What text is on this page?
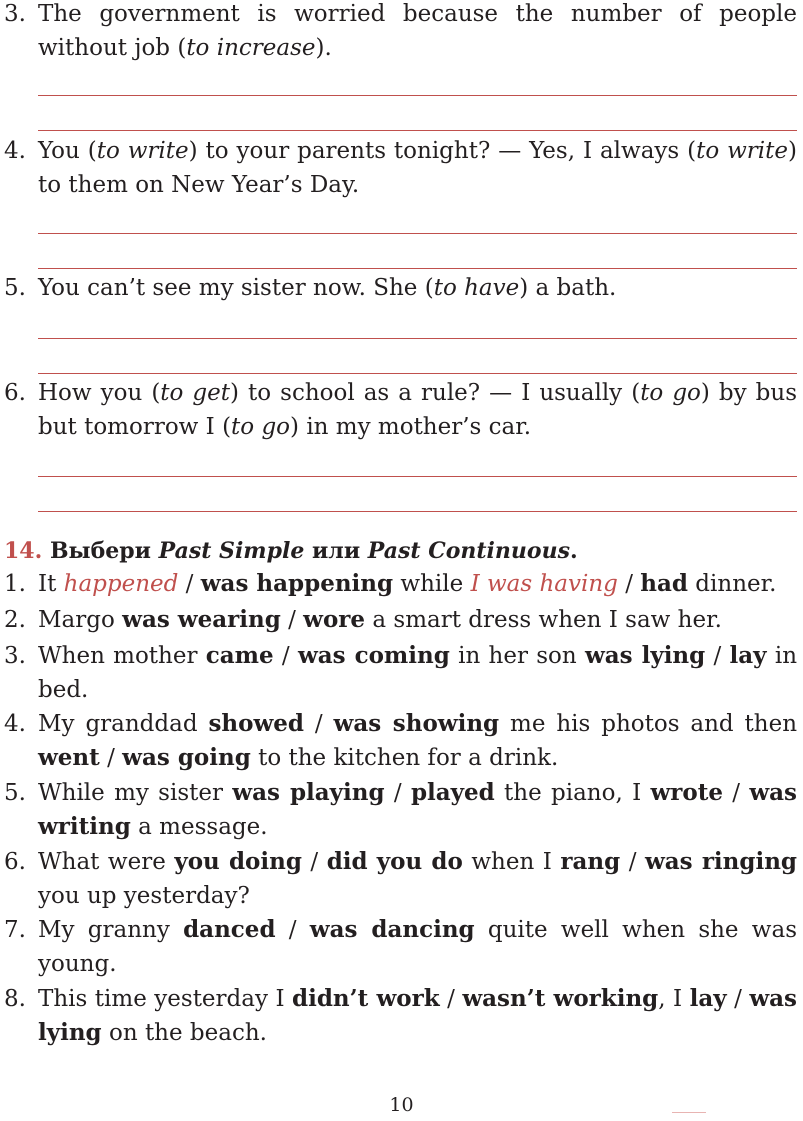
3. The government is worried because the number of people without job (to increase).
4. You (to write) to your parents tonight? — Yes, I always (to write) to them on New Year’s Day.
5. You can’t see my sister now. She (to have) a bath.
6. How you (to get) to school as a rule? — I usually (to go) by bus but tomorrow I (to go) in my mother’s car.
14. Выбери Past Simple или Past Continuous.
1. It happened / was happening while I was having / had dinner.
2. Margo was wearing / wore a smart dress when I saw her.
3. When mother came / was coming in her son was lying / lay in bed.
4. My granddad showed / was showing me his photos and then went / was going to the kitchen for a drink.
5. While my sister was playing / played the piano, I wrote / was writing a message.
6. What were you doing / did you do when I rang / was ringing you up yesterday?
7. My granny danced / was dancing quite well when she was young.
8. This time yesterday I didn’t work / wasn’t working, I lay / was lying on the beach.
10
